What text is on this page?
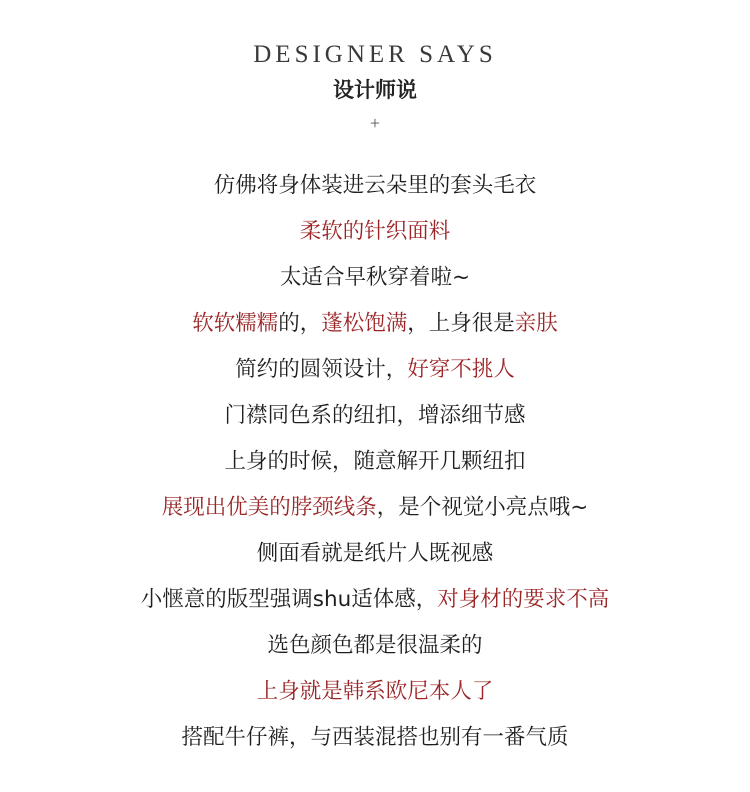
DESIGNER SAYS
设计师说
+
仿佛将身体装进云朵里的套头毛衣
柔软的针织面料
太适合早秋穿着啦~
软软糯糯的，蓬松饱满，上身很是亲肤
简约的圆领设计，好穿不挑人
门襟同色系的纽扣，增添细节感
上身的时候，随意解开几颗纽扣
展现出优美的脖颈线条，是个视觉小亮点哦~
侧面看就是纸片人既视感
小惬意的版型强调shu适体感，对身材的要求不高
选色颜色都是很温柔的
上身就是韩系欧尼本人了
搭配牛仔裤，与西装混搭也别有一番气质
